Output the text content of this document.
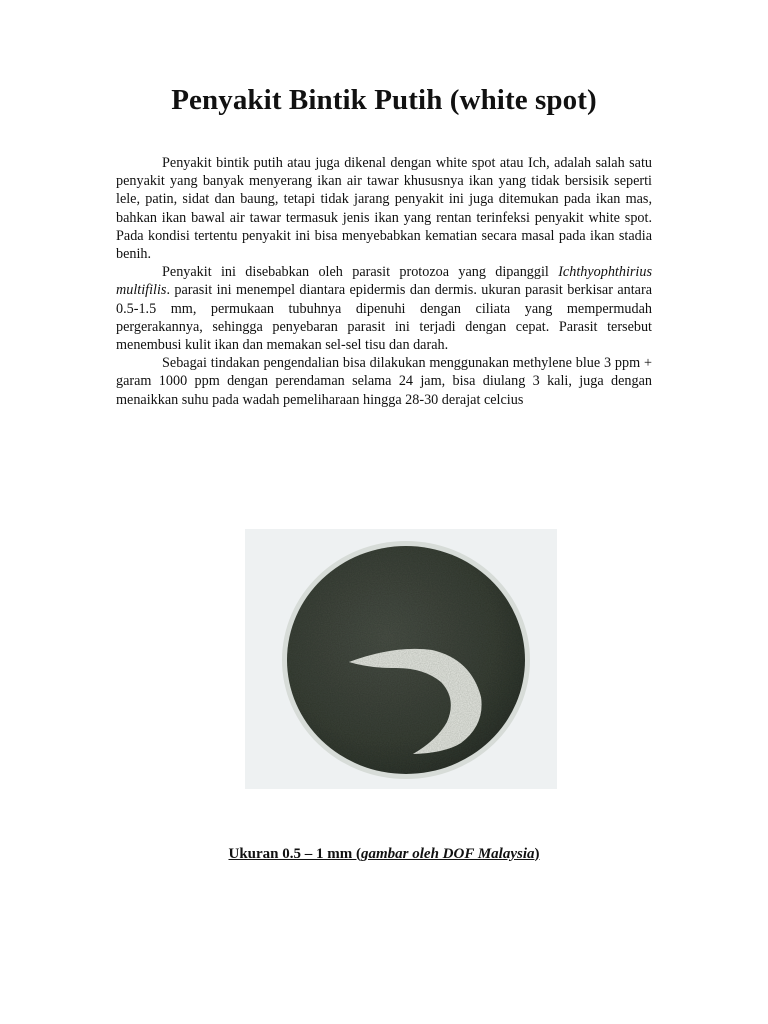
Penyakit Bintik Putih (white spot)

Penyakit bintik putih atau juga dikenal dengan white spot atau Ich, adalah salah satu penyakit yang banyak menyerang ikan air tawar khususnya ikan yang tidak bersisik seperti lele, patin, sidat dan baung, tetapi tidak jarang penyakit ini juga ditemukan pada ikan mas, bahkan ikan bawal air tawar termasuk jenis ikan yang rentan terinfeksi penyakit white spot. Pada kondisi tertentu penyakit ini bisa menyebabkan kematian secara masal pada ikan stadia benih.

Penyakit ini disebabkan oleh parasit protozoa yang dipanggil Ichthyophthirius multifilis. parasit ini menempel diantara epidermis dan dermis. ukuran parasit berkisar antara 0.5-1.5 mm, permukaan tubuhnya dipenuhi dengan ciliata yang mempermudah pergerakannya, sehingga penyebaran parasit ini terjadi dengan cepat. Parasit tersebut menembusi kulit ikan dan memakan sel-sel tisu dan darah.

Sebagai tindakan pengendalian bisa dilakukan menggunakan methylene blue 3 ppm + garam 1000 ppm dengan perendaman selama 24 jam, bisa diulang 3 kali, juga dengan menaikkan suhu pada wadah pemeliharaan hingga 28-30 derajat celcius

Ukuran 0.5 – 1 mm (gambar oleh DOF Malaysia)
